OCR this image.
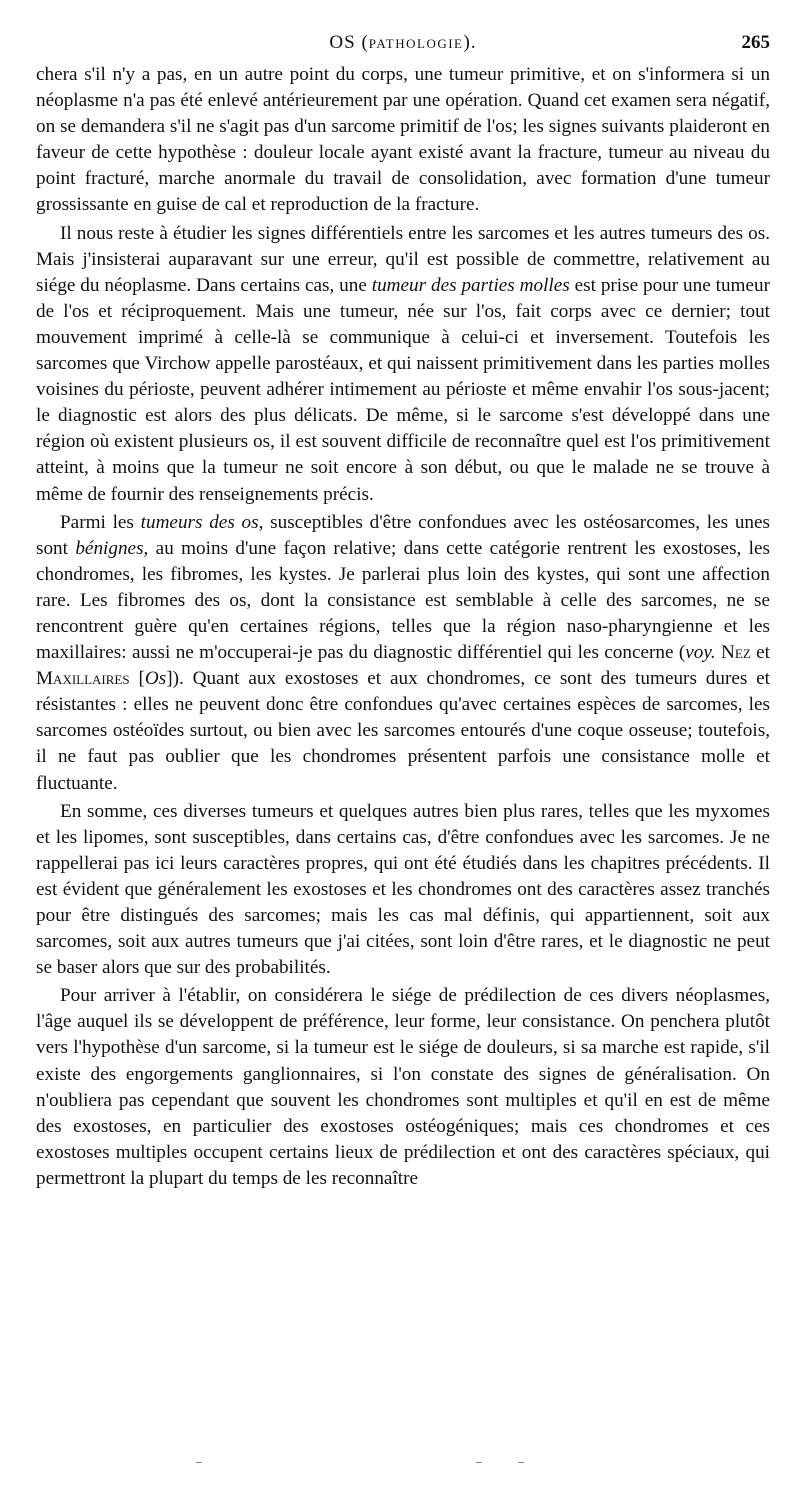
OS (pathologie).	265

chera s'il n'y a pas, en un autre point du corps, une tumeur primitive, et on s'informera si un néoplasme n'a pas été enlevé antérieurement par une opération. Quand cet examen sera négatif, on se demandera s'il ne s'agit pas d'un sarcome primitif de l'os; les signes suivants plaideront en faveur de cette hypothèse : douleur locale ayant existé avant la fracture, tumeur au niveau du point fracturé, marche anormale du travail de consolidation, avec formation d'une tumeur grossissante en guise de cal et reproduction de la fracture.

Il nous reste à étudier les signes différentiels entre les sarcomes et les autres tumeurs des os. Mais j'insisterai auparavant sur une erreur, qu'il est possible de commettre, relativement au siége du néoplasme. Dans certains cas, une tumeur des parties molles est prise pour une tumeur de l'os et réciproquement. Mais une tumeur, née sur l'os, fait corps avec ce dernier; tout mouvement imprimé à celle-là se communique à celui-ci et inversement. Toutefois les sarcomes que Virchow appelle parostéaux, et qui naissent primitivement dans les parties molles voisines du périoste, peuvent adhérer intimement au périoste et même envahir l'os sous-jacent; le diagnostic est alors des plus délicats. De même, si le sarcome s'est développé dans une région où existent plusieurs os, il est souvent difficile de reconnaître quel est l'os primitivement atteint, à moins que la tumeur ne soit encore à son début, ou que le malade ne se trouve à même de fournir des renseignements précis.

Parmi les tumeurs des os, susceptibles d'être confondues avec les ostéosarcomes, les unes sont bénignes, au moins d'une façon relative; dans cette catégorie rentrent les exostoses, les chondromes, les fibromes, les kystes. Je parlerai plus loin des kystes, qui sont une affection rare. Les fibromes des os, dont la consistance est semblable à celle des sarcomes, ne se rencontrent guère qu'en certaines régions, telles que la région naso-pharyngienne et les maxillaires: aussi ne m'occuperai-je pas du diagnostic différentiel qui les concerne (voy. Nez et Maxillaires [Os]). Quant aux exostoses et aux chondromes, ce sont des tumeurs dures et résistantes : elles ne peuvent donc être confondues qu'avec certaines espèces de sarcomes, les sarcomes ostéoïdes surtout, ou bien avec les sarcomes entourés d'une coque osseuse; toutefois, il ne faut pas oublier que les chondromes présentent parfois une consistance molle et fluctuante.

En somme, ces diverses tumeurs et quelques autres bien plus rares, telles que les myxomes et les lipomes, sont susceptibles, dans certains cas, d'être confondues avec les sarcomes. Je ne rappellerai pas ici leurs caractères propres, qui ont été étudiés dans les chapitres précédents. Il est évident que généralement les exostoses et les chondromes ont des caractères assez tranchés pour être distingués des sarcomes; mais les cas mal définis, qui appartiennent, soit aux sarcomes, soit aux autres tumeurs que j'ai citées, sont loin d'être rares, et le diagnostic ne peut se baser alors que sur des probabilités.

Pour arriver à l'établir, on considérera le siége de prédilection de ces divers néoplasmes, l'âge auquel ils se développent de préférence, leur forme, leur consistance. On penchera plutôt vers l'hypothèse d'un sarcome, si la tumeur est le siége de douleurs, si sa marche est rapide, s'il existe des engorgements ganglionnaires, si l'on constate des signes de généralisation. On n'oubliera pas cependant que souvent les chondromes sont multiples et qu'il en est de même des exostoses, en particulier des exostoses ostéogéniques; mais ces chondromes et ces exostoses multiples occupent certains lieux de prédilection et ont des caractères spéciaux, qui permettront la plupart du temps de les reconnaître
